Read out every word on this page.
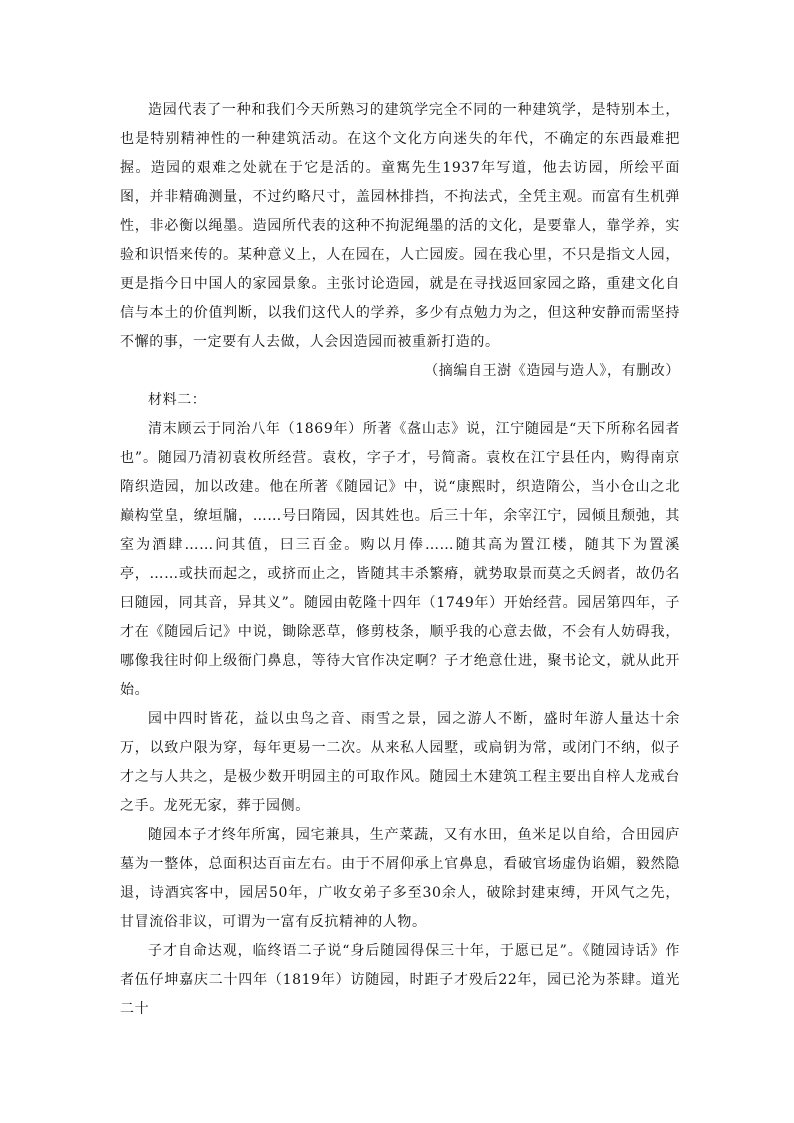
造园代表了一种和我们今天所熟习的建筑学完全不同的一种建筑学，是特别本土，也是特别精神性的一种建筑活动。在这个文化方向迷失的年代，不确定的东西最难把握。造园的艰难之处就在于它是活的。童寯先生1937年写道，他去访园，所绘平面图，并非精确测量，不过约略尺寸，盖园林排挡，不拘法式，全凭主观。而富有生机弹性，非必衡以绳墨。造园所代表的这种不拘泥绳墨的活的文化，是要靠人，靠学养，实验和识悟来传的。某种意义上，人在园在，人亡园废。园在我心里，不只是指文人园，更是指今日中国人的家园景象。主张讨论造园，就是在寻找返回家园之路，重建文化自信与本土的价值判断，以我们这代人的学养，多少有点勉力为之，但这种安静而需坚持不懈的事，一定要有人去做，人会因造园而被重新打造的。

（摘编自王澍《造园与造人》，有删改）

材料二：

清末顾云于同治八年（1869年）所著《盋山志》说，江宁随园是“天下所称名园者也”。随园乃清初袁枚所经营。袁枚，字子才，号简斋。袁枚在江宁县任内，购得南京隋织造园，加以改建。他在所著《随园记》中，说“康熙时，织造隋公，当小仓山之北巅构堂皇，缭垣牖，……号曰隋园，因其姓也。后三十年，余宰江宁，园倾且颓弛，其室为酒肆……问其值，曰三百金。购以月俸……随其高为置江楼，随其下为置溪亭，……或扶而起之，或挤而止之，皆随其丰杀繁瘠，就势取景而莫之夭阏者，故仍名曰随园，同其音，异其义”。随园由乾隆十四年（1749年）开始经营。园居第四年，子才在《随园后记》中说，锄除恶草，修剪枝条，顺乎我的心意去做，不会有人妨碍我，哪像我往时仰上级衙门鼻息，等待大官作决定啊？子才绝意仕进，聚书论文，就从此开始。

园中四时皆花，益以虫鸟之音、雨雪之景，园之游人不断，盛时年游人量达十余万，以致户限为穿，每年更易一二次。从来私人园墅，或扃钥为常，或闭门不纳，似子才之与人共之，是极少数开明园主的可取作风。随园土木建筑工程主要出自梓人龙戒台之手。龙死无家，葬于园侧。

随园本子才终年所寓，园宅兼具，生产菜蔬，又有水田，鱼米足以自给，合田园庐墓为一整体，总面积达百亩左右。由于不屑仰承上官鼻息，看破官场虚伪谄媚，毅然隐退，诗酒宾客中，园居50年，广收女弟子多至30余人，破除封建束缚，开风气之先，甘冒流俗非议，可谓为一富有反抗精神的人物。

子才自命达观，临终语二子说“身后随园得保三十年，于愿已足”。《随园诗话》作者伍仔坤嘉庆二十四年（1819年）访随园，时距子才殁后22年，园已沦为茶肆。道光二十
